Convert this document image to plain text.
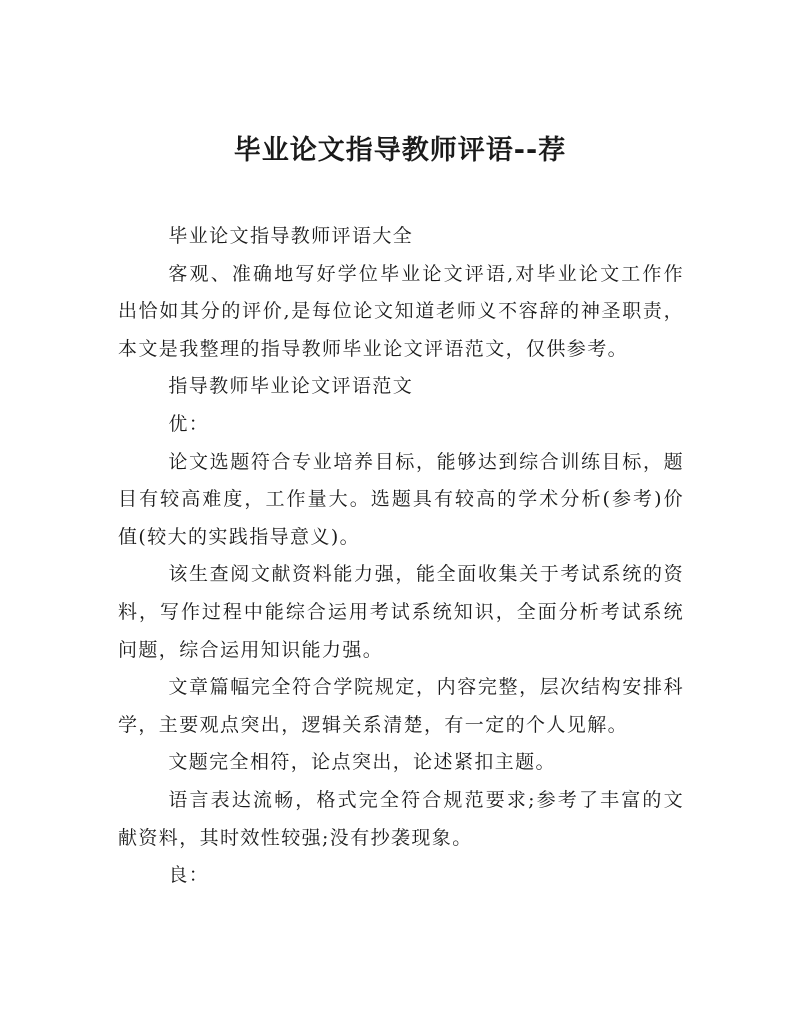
毕业论文指导教师评语--荐

毕业论文指导教师评语大全

客观、准确地写好学位毕业论文评语,对毕业论文工作作出恰如其分的评价,是每位论文知道老师义不容辞的神圣职责，本文是我整理的指导教师毕业论文评语范文，仅供参考。

指导教师毕业论文评语范文

优：

论文选题符合专业培养目标，能够达到综合训练目标，题目有较高难度，工作量大。选题具有较高的学术分析(参考)价值(较大的实践指导意义)。

该生查阅文献资料能力强，能全面收集关于考试系统的资料，写作过程中能综合运用考试系统知识，全面分析考试系统问题，综合运用知识能力强。

文章篇幅完全符合学院规定，内容完整，层次结构安排科学，主要观点突出，逻辑关系清楚，有一定的个人见解。

文题完全相符，论点突出，论述紧扣主题。

语言表达流畅，格式完全符合规范要求;参考了丰富的文献资料，其时效性较强;没有抄袭现象。

良：
